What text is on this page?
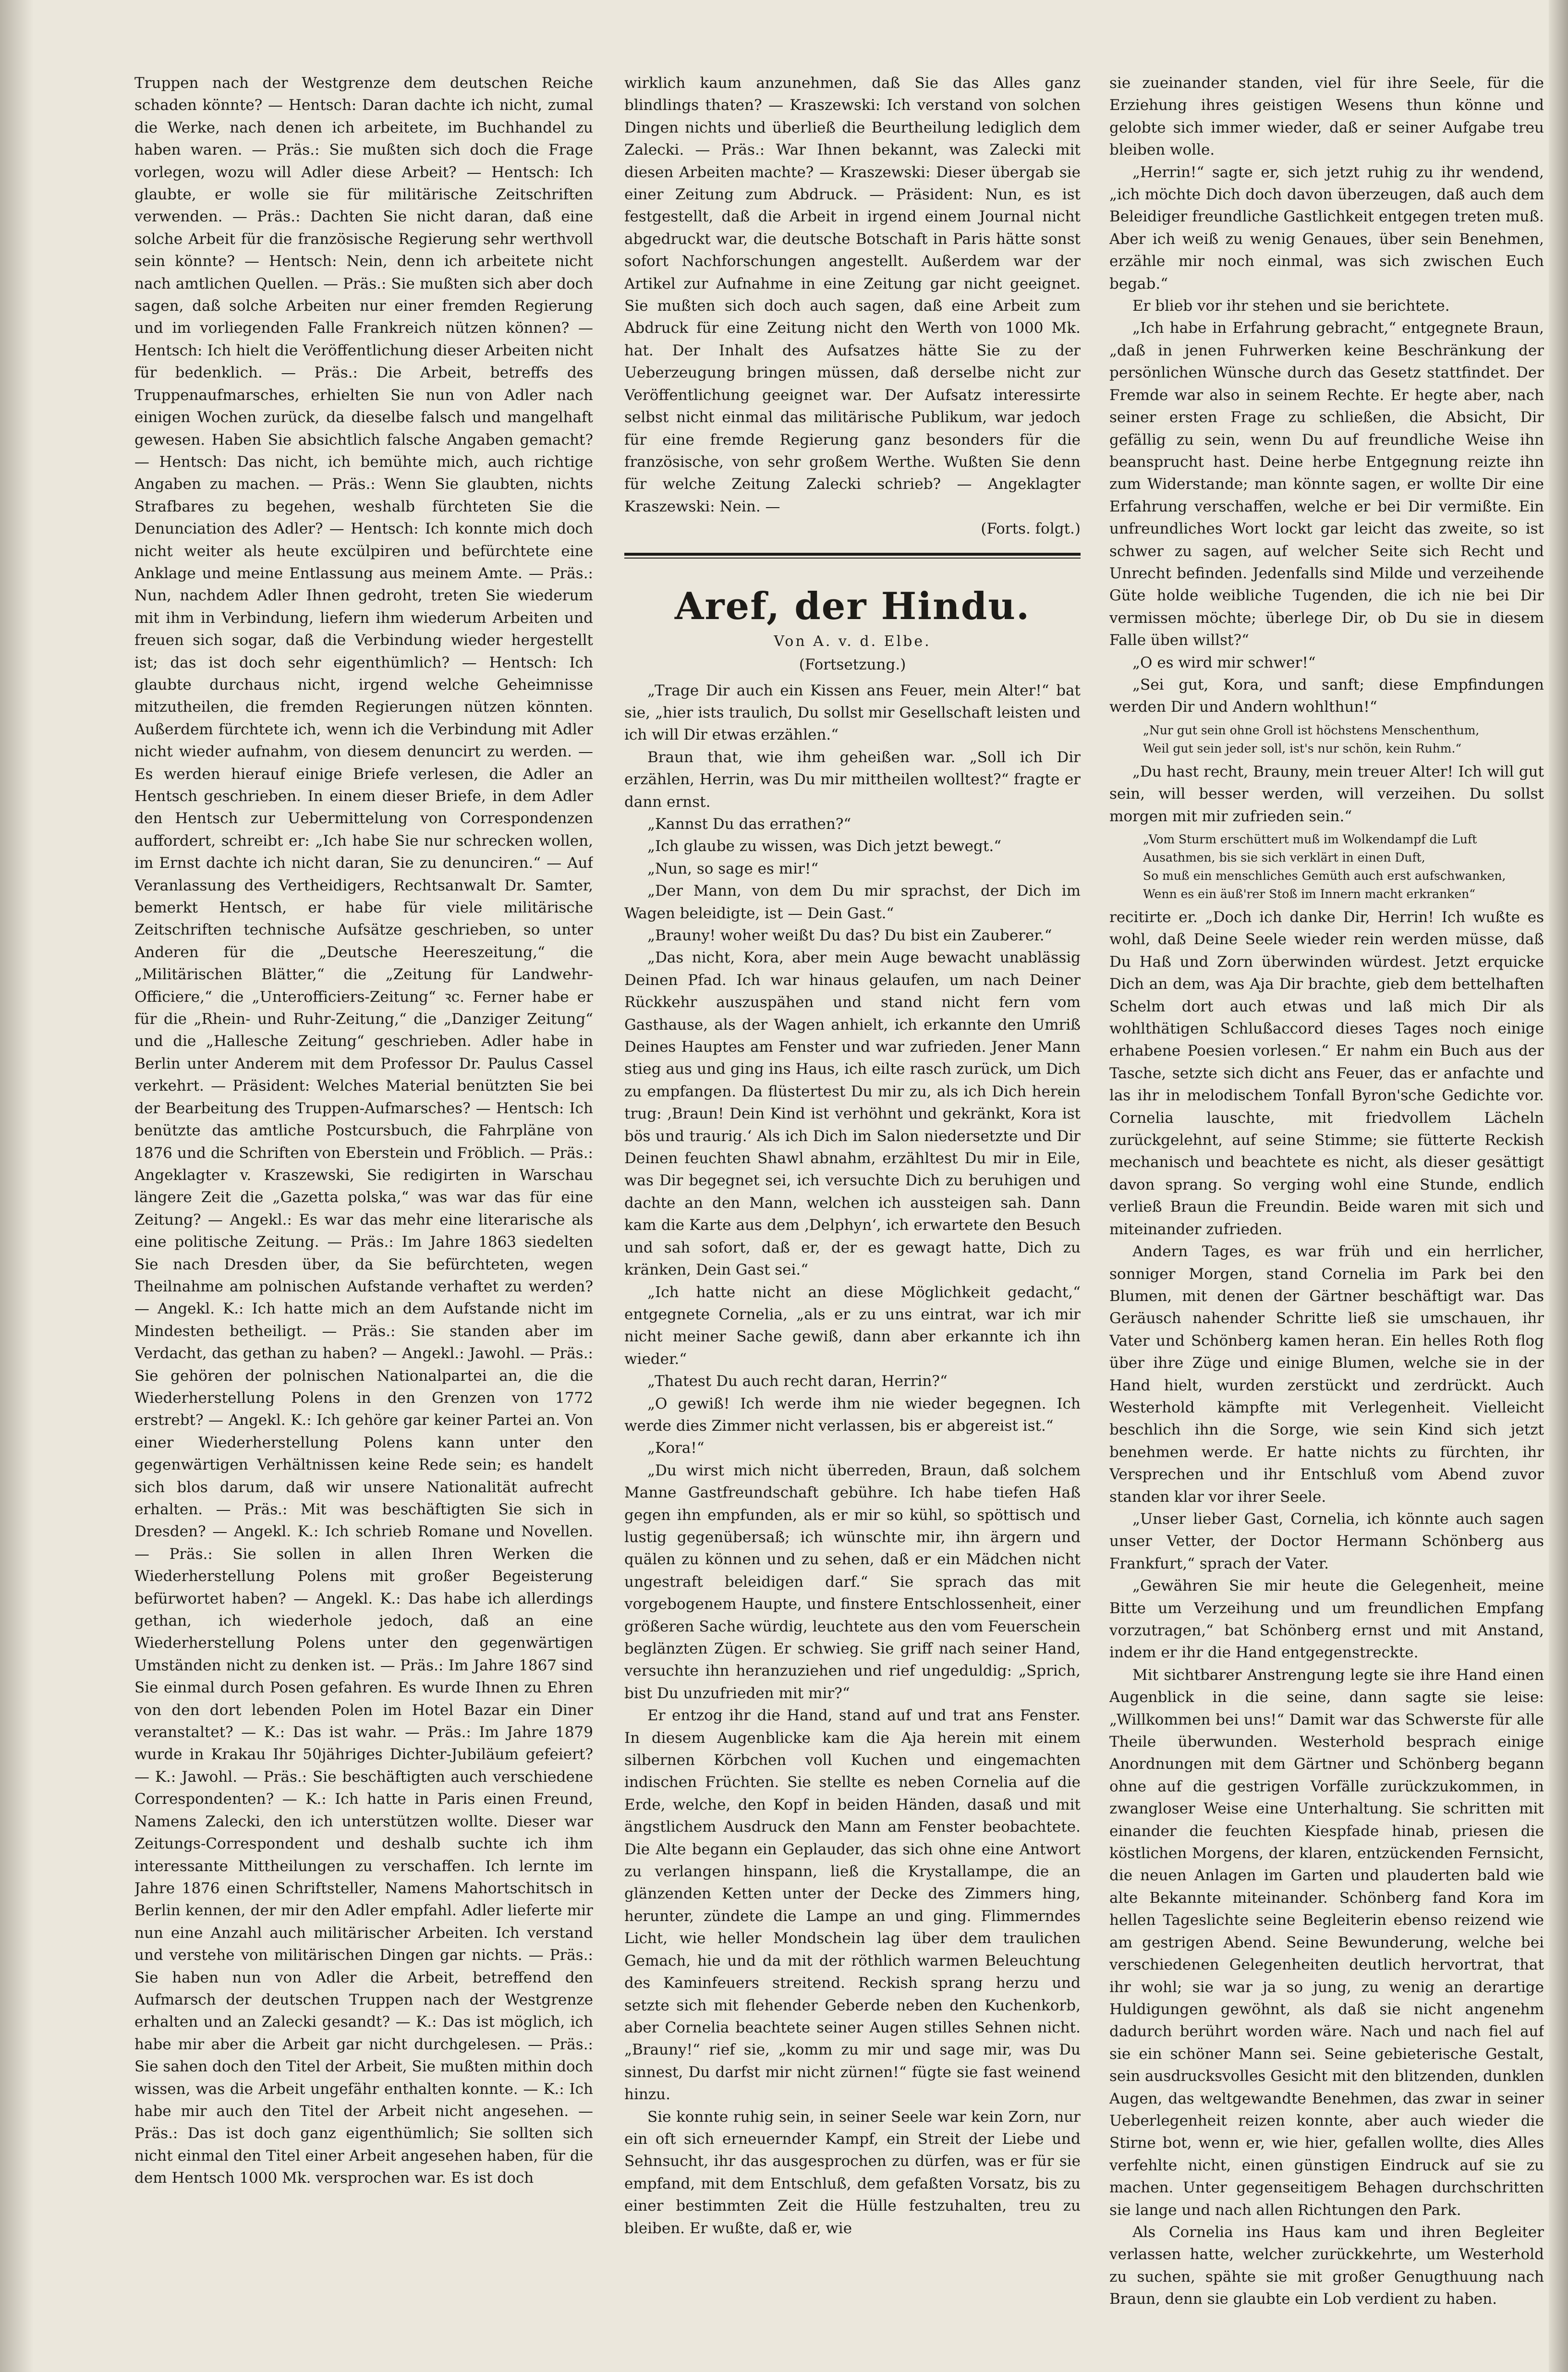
Truppen nach der Westgrenze dem deutschen Reiche schaden könnte? — Hentsch: Daran dachte ich nicht, zumal die Werke, nach denen ich arbeitete, im Buchhandel zu haben waren. — Präs.: Sie mußten sich doch die Frage vorlegen, wozu will Adler diese Arbeit? — Hentsch: Ich glaubte, er wolle sie für militärische Zeitschriften verwenden. — Präs.: Dachten Sie nicht daran, daß eine solche Arbeit für die französische Regierung sehr werthvoll sein könnte? — Hentsch: Nein, denn ich arbeitete nicht nach amtlichen Quellen. — Präs.: Sie mußten sich aber doch sagen, daß solche Arbeiten nur einer fremden Regierung und im vorliegenden Falle Frankreich nützen können? — Hentsch: Ich hielt die Veröffentlichung dieser Arbeiten nicht für bedenklich. — Präs.: Die Arbeit, betreffs des Truppenaufmarsches, erhielten Sie nun von Adler nach einigen Wochen zurück, da dieselbe falsch und mangelhaft gewesen. Haben Sie absichtlich falsche Angaben gemacht? — Hentsch: Das nicht, ich bemühte mich, auch richtige Angaben zu machen. — Präs.: Wenn Sie glaubten, nichts Strafbares zu begehen, weshalb fürchteten Sie die Denunciation des Adler? — Hentsch: Ich konnte mich doch nicht weiter als heute excülpiren und befürchtete eine Anklage und meine Entlassung aus meinem Amte. — Präs.: Nun, nachdem Adler Ihnen gedroht, treten Sie wiederum mit ihm in Verbindung, liefern ihm wiederum Arbeiten und freuen sich sogar, daß die Verbindung wieder hergestellt ist; das ist doch sehr eigenthümlich? — Hentsch: Ich glaubte durchaus nicht, irgend welche Geheimnisse mitzutheilen, die fremden Regierungen nützen könnten. Außerdem fürchtete ich, wenn ich die Verbindung mit Adler nicht wieder aufnahm, von diesem denuncirt zu werden. — Es werden hierauf einige Briefe verlesen, die Adler an Hentsch geschrieben. In einem dieser Briefe, in dem Adler den Hentsch zur Uebermittelung von Correspondenzen auffordert, schreibt er: „Ich habe Sie nur schrecken wollen, im Ernst dachte ich nicht daran, Sie zu denunciren.“ — Auf Veranlassung des Vertheidigers, Rechtsanwalt Dr. Samter, bemerkt Hentsch, er habe für viele militärische Zeitschriften technische Aufsätze geschrieben, so unter Anderen für die „Deutsche Heereszeitung,“ die „Militärischen Blätter,“ die „Zeitung für Landwehr-Officiere,“ die „Unterofficiers-Zeitung“ ꝛc. Ferner habe er für die „Rhein- und Ruhr-Zeitung,“ die „Danziger Zeitung“ und die „Hallesche Zeitung“ geschrieben. Adler habe in Berlin unter Anderem mit dem Professor Dr. Paulus Cassel verkehrt. — Präsident: Welches Material benützten Sie bei der Bearbeitung des Truppen-Aufmarsches? — Hentsch: Ich benützte das amtliche Postcursbuch, die Fahrpläne von 1876 und die Schriften von Eberstein und Fröblich. — Präs.: Angeklagter v. Kraszewski, Sie redigirten in Warschau längere Zeit die „Gazetta polska,“ was war das für eine Zeitung? — Angekl.: Es war das mehr eine literarische als eine politische Zeitung. — Präs.: Im Jahre 1863 siedelten Sie nach Dresden über, da Sie befürchteten, wegen Theilnahme am polnischen Aufstande verhaftet zu werden? — Angekl. K.: Ich hatte mich an dem Aufstande nicht im Mindesten betheiligt. — Präs.: Sie standen aber im Verdacht, das gethan zu haben? — Angekl.: Jawohl. — Präs.: Sie gehören der polnischen Nationalpartei an, die die Wiederherstellung Polens in den Grenzen von 1772 erstrebt? — Angekl. K.: Ich gehöre gar keiner Partei an. Von einer Wiederherstellung Polens kann unter den gegenwärtigen Verhältnissen keine Rede sein; es handelt sich blos darum, daß wir unsere Nationalität aufrecht erhalten. — Präs.: Mit was beschäftigten Sie sich in Dresden? — Angekl. K.: Ich schrieb Romane und Novellen. — Präs.: Sie sollen in allen Ihren Werken die Wiederherstellung Polens mit großer Begeisterung befürwortet haben? — Angekl. K.: Das habe ich allerdings gethan, ich wiederhole jedoch, daß an eine Wiederherstellung Polens unter den gegenwärtigen Umständen nicht zu denken ist. — Präs.: Im Jahre 1867 sind Sie einmal durch Posen gefahren. Es wurde Ihnen zu Ehren von den dort lebenden Polen im Hotel Bazar ein Diner veranstaltet? — K.: Das ist wahr. — Präs.: Im Jahre 1879 wurde in Krakau Ihr 50jähriges Dichter-Jubiläum gefeiert? — K.: Jawohl. — Präs.: Sie beschäftigten auch verschiedene Correspondenten? — K.: Ich hatte in Paris einen Freund, Namens Zalecki, den ich unterstützen wollte. Dieser war Zeitungs-Correspondent und deshalb suchte ich ihm interessante Mittheilungen zu verschaffen. Ich lernte im Jahre 1876 einen Schriftsteller, Namens Mahortschitsch in Berlin kennen, der mir den Adler empfahl. Adler lieferte mir nun eine Anzahl auch militärischer Arbeiten. Ich verstand und verstehe von militärischen Dingen gar nichts. — Präs.: Sie haben nun von Adler die Arbeit, betreffend den Aufmarsch der deutschen Truppen nach der Westgrenze erhalten und an Zalecki gesandt? — K.: Das ist möglich, ich habe mir aber die Arbeit gar nicht durchgelesen. — Präs.: Sie sahen doch den Titel der Arbeit, Sie mußten mithin doch wissen, was die Arbeit ungefähr enthalten konnte. — K.: Ich habe mir auch den Titel der Arbeit nicht angesehen. — Präs.: Das ist doch ganz eigenthümlich; Sie sollten sich nicht einmal den Titel einer Arbeit angesehen haben, für die dem Hentsch 1000 Mk. versprochen war. Es ist doch

wirklich kaum anzunehmen, daß Sie das Alles ganz blindlings thaten? — Kraszewski: Ich verstand von solchen Dingen nichts und überließ die Beurtheilung lediglich dem Zalecki. — Präs.: War Ihnen bekannt, was Zalecki mit diesen Arbeiten machte? — Kraszewski: Dieser übergab sie einer Zeitung zum Abdruck. — Präsident: Nun, es ist festgestellt, daß die Arbeit in irgend einem Journal nicht abgedruckt war, die deutsche Botschaft in Paris hätte sonst sofort Nachforschungen angestellt. Außerdem war der Artikel zur Aufnahme in eine Zeitung gar nicht geeignet. Sie mußten sich doch auch sagen, daß eine Arbeit zum Abdruck für eine Zeitung nicht den Werth von 1000 Mk. hat. Der Inhalt des Aufsatzes hätte Sie zu der Ueberzeugung bringen müssen, daß derselbe nicht zur Veröffentlichung geeignet war. Der Aufsatz interessirte selbst nicht einmal das militärische Publikum, war jedoch für eine fremde Regierung ganz besonders für die französische, von sehr großem Werthe. Wußten Sie denn für welche Zeitung Zalecki schrieb? — Angeklagter Kraszewski: Nein. —

(Forts. folgt.)

Aref, der Hindu.
Von A. v. d. Elbe.
(Fortsetzung.)

„Trage Dir auch ein Kissen ans Feuer, mein Alter!“ bat sie, „hier ists traulich, Du sollst mir Gesellschaft leisten und ich will Dir etwas erzählen.“

Braun that, wie ihm geheißen war. „Soll ich Dir erzählen, Herrin, was Du mir mittheilen wolltest?“ fragte er dann ernst.

„Kannst Du das errathen?“

„Ich glaube zu wissen, was Dich jetzt bewegt.“

„Nun, so sage es mir!“

„Der Mann, von dem Du mir sprachst, der Dich im Wagen beleidigte, ist — Dein Gast.“

„Brauny! woher weißt Du das? Du bist ein Zauberer.“

„Das nicht, Kora, aber mein Auge bewacht unablässig Deinen Pfad. Ich war hinaus gelaufen, um nach Deiner Rückkehr auszuspähen und stand nicht fern vom Gasthause, als der Wagen anhielt, ich erkannte den Umriß Deines Hauptes am Fenster und war zufrieden. Jener Mann stieg aus und ging ins Haus, ich eilte rasch zurück, um Dich zu empfangen. Da flüstertest Du mir zu, als ich Dich herein trug: ‚Braun! Dein Kind ist verhöhnt und gekränkt, Kora ist bös und traurig.‘ Als ich Dich im Salon niedersetzte und Dir Deinen feuchten Shawl abnahm, erzähltest Du mir in Eile, was Dir begegnet sei, ich versuchte Dich zu beruhigen und dachte an den Mann, welchen ich aussteigen sah. Dann kam die Karte aus dem ‚Delphyn‘, ich erwartete den Besuch und sah sofort, daß er, der es gewagt hatte, Dich zu kränken, Dein Gast sei.“

„Ich hatte nicht an diese Möglichkeit gedacht,“ entgegnete Cornelia, „als er zu uns eintrat, war ich mir nicht meiner Sache gewiß, dann aber erkannte ich ihn wieder.“

„Thatest Du auch recht daran, Herrin?“

„O gewiß! Ich werde ihm nie wieder begegnen. Ich werde dies Zimmer nicht verlassen, bis er abgereist ist.“

„Kora!“

„Du wirst mich nicht überreden, Braun, daß solchem Manne Gastfreundschaft gebühre. Ich habe tiefen Haß gegen ihn empfunden, als er mir so kühl, so spöttisch und lustig gegenübersaß; ich wünschte mir, ihn ärgern und quälen zu können und zu sehen, daß er ein Mädchen nicht ungestraft beleidigen darf.“ Sie sprach das mit vorgebogenem Haupte, und finstere Entschlossenheit, einer größeren Sache würdig, leuchtete aus den vom Feuerschein beglänzten Zügen. Er schwieg. Sie griff nach seiner Hand, versuchte ihn heranzuziehen und rief ungeduldig: „Sprich, bist Du unzufrieden mit mir?“

Er entzog ihr die Hand, stand auf und trat ans Fenster. In diesem Augenblicke kam die Aja herein mit einem silbernen Körbchen voll Kuchen und eingemachten indischen Früchten. Sie stellte es neben Cornelia auf die Erde, welche, den Kopf in beiden Händen, dasaß und mit ängstlichem Ausdruck den Mann am Fenster beobachtete. Die Alte begann ein Geplauder, das sich ohne eine Antwort zu verlangen hinspann, ließ die Krystallampe, die an glänzenden Ketten unter der Decke des Zimmers hing, herunter, zündete die Lampe an und ging. Flimmerndes Licht, wie heller Mondschein lag über dem traulichen Gemach, hie und da mit der röthlich warmen Beleuchtung des Kaminfeuers streitend. Reckish sprang herzu und setzte sich mit flehender Geberde neben den Kuchenkorb, aber Cornelia beachtete seiner Augen stilles Sehnen nicht. „Brauny!“ rief sie, „komm zu mir und sage mir, was Du sinnest, Du darfst mir nicht zürnen!“ fügte sie fast weinend hinzu.

Sie konnte ruhig sein, in seiner Seele war kein Zorn, nur ein oft sich erneuernder Kampf, ein Streit der Liebe und Sehnsucht, ihr das ausgesprochen zu dürfen, was er für sie empfand, mit dem Entschluß, dem gefaßten Vorsatz, bis zu einer bestimmten Zeit die Hülle festzuhalten, treu zu bleiben. Er wußte, daß er, wie

sie zueinander standen, viel für ihre Seele, für die Erziehung ihres geistigen Wesens thun könne und gelobte sich immer wieder, daß er seiner Aufgabe treu bleiben wolle.

„Herrin!“ sagte er, sich jetzt ruhig zu ihr wendend, „ich möchte Dich doch davon überzeugen, daß auch dem Beleidiger freundliche Gastlichkeit entgegen treten muß. Aber ich weiß zu wenig Genaues, über sein Benehmen, erzähle mir noch einmal, was sich zwischen Euch begab.“

Er blieb vor ihr stehen und sie berichtete.

„Ich habe in Erfahrung gebracht,“ entgegnete Braun, „daß in jenen Fuhrwerken keine Beschränkung der persönlichen Wünsche durch das Gesetz stattfindet. Der Fremde war also in seinem Rechte. Er hegte aber, nach seiner ersten Frage zu schließen, die Absicht, Dir gefällig zu sein, wenn Du auf freundliche Weise ihn beansprucht hast. Deine herbe Entgegnung reizte ihn zum Widerstande; man könnte sagen, er wollte Dir eine Erfahrung verschaffen, welche er bei Dir vermißte. Ein unfreundliches Wort lockt gar leicht das zweite, so ist schwer zu sagen, auf welcher Seite sich Recht und Unrecht befinden. Jedenfalls sind Milde und verzeihende Güte holde weibliche Tugenden, die ich nie bei Dir vermissen möchte; überlege Dir, ob Du sie in diesem Falle üben willst?“

„O es wird mir schwer!“

„Sei gut, Kora, und sanft; diese Empfindungen werden Dir und Andern wohlthun!“

„Nur gut sein ohne Groll ist höchstens Menschenthum,
Weil gut sein jeder soll, ist's nur schön, kein Ruhm.“

„Du hast recht, Brauny, mein treuer Alter! Ich will gut sein, will besser werden, will verzeihen. Du sollst morgen mit mir zufrieden sein.“

„Vom Sturm erschüttert muß im Wolkendampf die Luft
Ausathmen, bis sie sich verklärt in einen Duft,
So muß ein menschliches Gemüth auch erst aufschwanken,
Wenn es ein äuß'rer Stoß im Innern macht erkranken“

recitirte er. „Doch ich danke Dir, Herrin! Ich wußte es wohl, daß Deine Seele wieder rein werden müsse, daß Du Haß und Zorn überwinden würdest. Jetzt erquicke Dich an dem, was Aja Dir brachte, gieb dem bettelhaften Schelm dort auch etwas und laß mich Dir als wohlthätigen Schlußaccord dieses Tages noch einige erhabene Poesien vorlesen.“ Er nahm ein Buch aus der Tasche, setzte sich dicht ans Feuer, das er anfachte und las ihr in melodischem Tonfall Byron'sche Gedichte vor. Cornelia lauschte, mit friedvollem Lächeln zurückgelehnt, auf seine Stimme; sie fütterte Reckish mechanisch und beachtete es nicht, als dieser gesättigt davon sprang. So verging wohl eine Stunde, endlich verließ Braun die Freundin. Beide waren mit sich und miteinander zufrieden.

Andern Tages, es war früh und ein herrlicher, sonniger Morgen, stand Cornelia im Park bei den Blumen, mit denen der Gärtner beschäftigt war. Das Geräusch nahender Schritte ließ sie umschauen, ihr Vater und Schönberg kamen heran. Ein helles Roth flog über ihre Züge und einige Blumen, welche sie in der Hand hielt, wurden zerstückt und zerdrückt. Auch Westerhold kämpfte mit Verlegenheit. Vielleicht beschlich ihn die Sorge, wie sein Kind sich jetzt benehmen werde. Er hatte nichts zu fürchten, ihr Versprechen und ihr Entschluß vom Abend zuvor standen klar vor ihrer Seele.

„Unser lieber Gast, Cornelia, ich könnte auch sagen unser Vetter, der Doctor Hermann Schönberg aus Frankfurt,“ sprach der Vater.

„Gewähren Sie mir heute die Gelegenheit, meine Bitte um Verzeihung und um freundlichen Empfang vorzutragen,“ bat Schönberg ernst und mit Anstand, indem er ihr die Hand entgegenstreckte.

Mit sichtbarer Anstrengung legte sie ihre Hand einen Augenblick in die seine, dann sagte sie leise: „Willkommen bei uns!“ Damit war das Schwerste für alle Theile überwunden. Westerhold besprach einige Anordnungen mit dem Gärtner und Schönberg begann ohne auf die gestrigen Vorfälle zurückzukommen, in zwangloser Weise eine Unterhaltung. Sie schritten mit einander die feuchten Kiespfade hinab, priesen die köstlichen Morgens, der klaren, entzückenden Fernsicht, die neuen Anlagen im Garten und plauderten bald wie alte Bekannte miteinander. Schönberg fand Kora im hellen Tageslichte seine Begleiterin ebenso reizend wie am gestrigen Abend. Seine Bewunderung, welche bei verschiedenen Gelegenheiten deutlich hervortrat, that ihr wohl; sie war ja so jung, zu wenig an derartige Huldigungen gewöhnt, als daß sie nicht angenehm dadurch berührt worden wäre. Nach und nach fiel auf sie ein schöner Mann sei. Seine gebieterische Gestalt, sein ausdrucksvolles Gesicht mit den blitzenden, dunklen Augen, das weltgewandte Benehmen, das zwar in seiner Ueberlegenheit reizen konnte, aber auch wieder die Stirne bot, wenn er, wie hier, gefallen wollte, dies Alles verfehlte nicht, einen günstigen Eindruck auf sie zu machen. Unter gegenseitigem Behagen durchschritten sie lange und nach allen Richtungen den Park.

Als Cornelia ins Haus kam und ihren Begleiter verlassen hatte, welcher zurückkehrte, um Westerhold zu suchen, spähte sie mit großer Genugthuung nach Braun, denn sie glaubte ein Lob verdient zu haben.
